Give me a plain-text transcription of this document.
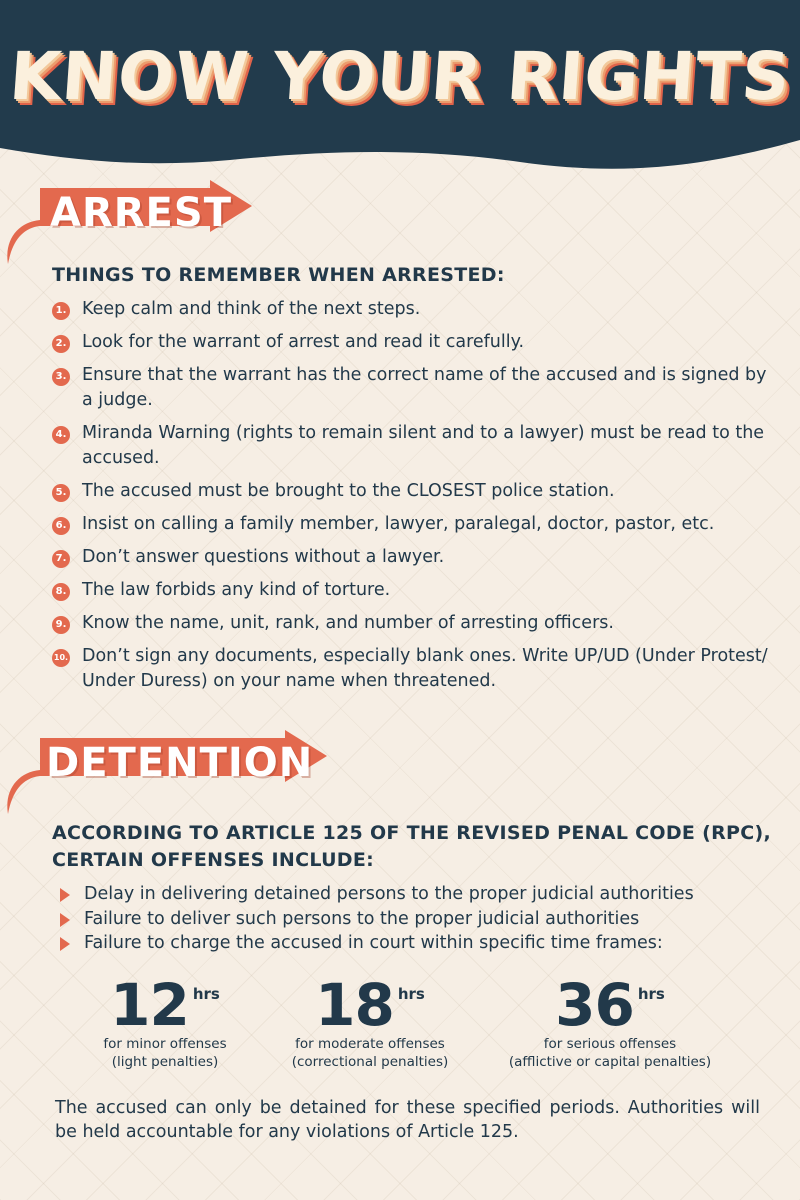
KNOW YOUR RIGHTS
ARREST
THINGS TO REMEMBER WHEN ARRESTED:
1. Keep calm and think of the next steps.
2. Look for the warrant of arrest and read it carefully.
3. Ensure that the warrant has the correct name of the accused and is signed by a judge.
4. Miranda Warning (rights to remain silent and to a lawyer) must be read to the accused.
5. The accused must be brought to the CLOSEST police station.
6. Insist on calling a family member, lawyer, paralegal, doctor, pastor, etc.
7. Don’t answer questions without a lawyer.
8. The law forbids any kind of torture.
9. Know the name, unit, rank, and number of arresting officers.
10. Don’t sign any documents, especially blank ones. Write UP/UD (Under Protest/ Under Duress) on your name when threatened.
DETENTION
ACCORDING TO ARTICLE 125 OF THE REVISED PENAL CODE (RPC),
CERTAIN OFFENSES INCLUDE:
Delay in delivering detained persons to the proper judicial authorities
Failure to deliver such persons to the proper judicial authorities
Failure to charge the accused in court within specific time frames:
12 hrs
for minor offenses
(light penalties)
18 hrs
for moderate offenses
(correctional penalties)
36 hrs
for serious offenses
(afflictive or capital penalties)
The accused can only be detained for these specified periods. Authorities will be held accountable for any violations of Article 125.
